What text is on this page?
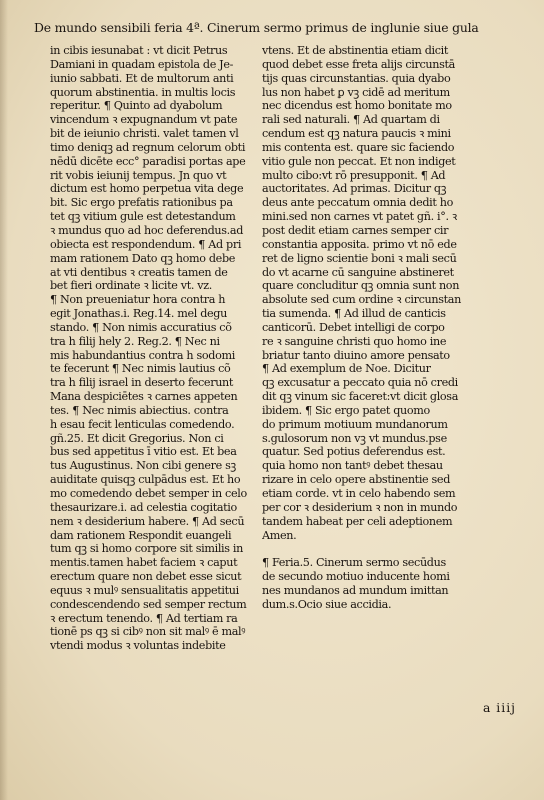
De mundo sensibili feria 4ª. Cinerum sermo primus de inglunie siue gula
in cibis iesunabat : vt dicit Petrus
Damiani in quadam epistola de Je-
iunio sabbati. Et de multorum anti
quorum abstinentia. in multis locis
reperitur. ¶ Quinto ad dyabolum
vincendum ꝛ expugnandum vt pate
bit de ieiunio christi. valet tamen vl
timo deniqꝫ ad regnum celorum obti
nēdū dicēte ecc° paradisi portas ape
rit vobis ieiunij tempus. Jn quo vt
dictum est homo perpetua vita dege
bit. Sic ergo prefatis rationibus pa
tet qꝫ vitium gule est detestandum
ꝛ mundus quo ad hoc deferendus.ad
obiecta est respondendum. ¶ Ad pri
mam rationem Dato qꝫ homo debe
at vti dentibus ꝛ creatis tamen de
bet fieri ordinate ꝛ licite vt. vz.
¶ Non preueniatur hora contra h
egit Jonathas.i. Reg.14. mel degu
stando. ¶ Non nimis accuratius cõ
tra h filij hely 2. Reg.2. ¶ Nec ni
mis habundantius contra h sodomi
te fecerunt ¶ Nec nimis lautius cõ
tra h filij israel in deserto fecerunt
Mana despiciētes ꝛ carnes appeten
tes. ¶ Nec nimis abiectius. contra
h esau fecit lenticulas comedendo.
gñ.25. Et dicit Gregorius. Non ci
bus sed appetitus ī vitio est. Et bea
tus Augustinus. Non cibi genere sꝫ
auiditate quisqꝫ culpādus est. Et ho
mo comedendo debet semper in celo
thesaurizare.i. ad celestia cogitatio
nem ꝛ desiderium habere. ¶ Ad secū
dam rationem Respondit euangeli
tum qꝫ si homo corpore sit similis in
mentis.tamen habet faciem ꝛ caput
erectum quare non debet esse sicut
equus ꝛ mulꝰ sensualitatis appetitui
condescendendo sed semper rectum
ꝛ erectum tenendo. ¶ Ad tertiam ra
tionē ps qꝫ si cibꝰ non sit malꝰ ē malꝰ
vtendi modus ꝛ voluntas indebite
vtens. Et de abstinentia etiam dicit
quod debet esse freta alijs circunstā
tijs quas circunstantias. quia dyabo
lus non habet ꝑ vꝫ cidē ad meritum
nec dicendus est homo bonitate mo
rali sed naturali. ¶ Ad quartam di
cendum est qꝫ natura paucis ꝛ mini
mis contenta est. quare sic faciendo
vitio gule non peccat. Et non indiget
multo cibo:vt rō presupponit. ¶ Ad
auctoritates. Ad primas. Dicitur qꝫ
deus ante peccatum omnia dedit ho
mini.sed non carnes vt patet gñ. i°. ꝛ
post dedit etiam carnes semper cir
constantia apposita. primo vt nō ede
ret de ligno scientie boni ꝛ mali secū
do vt acarne cū sanguine abstineret
quare concluditur qꝫ omnia sunt non
absolute sed cum ordine ꝛ circunstan
tia sumenda. ¶ Ad illud de canticis
canticorū. Debet intelligi de corpo
re ꝛ sanguine christi quo homo ine
briatur tanto diuino amore pensato
¶ Ad exemplum de Noe. Dicitur
qꝫ excusatur a peccato quia nō credi
dit qꝫ vinum sic faceret:vt dicit glosa
ibidem. ¶ Sic ergo patet quomo
do primum motiuum mundanorum
s.gulosorum non vꝫ vt mundus.pse
quatur. Sed potius deferendus est.
quia homo non tantꝰ debet thesau
rizare in celo opere abstinentie sed
etiam corde. vt in celo habendo sem
per cor ꝛ desiderium ꝛ non in mundo
tandem habeat per celi adeptionem
Amen.
¶ Feria.5. Cinerum sermo secūdus
de secundo motiuo inducente homi
nes mundanos ad mundum imittan
dum.s.Ocio siue accidia.
a iiij
